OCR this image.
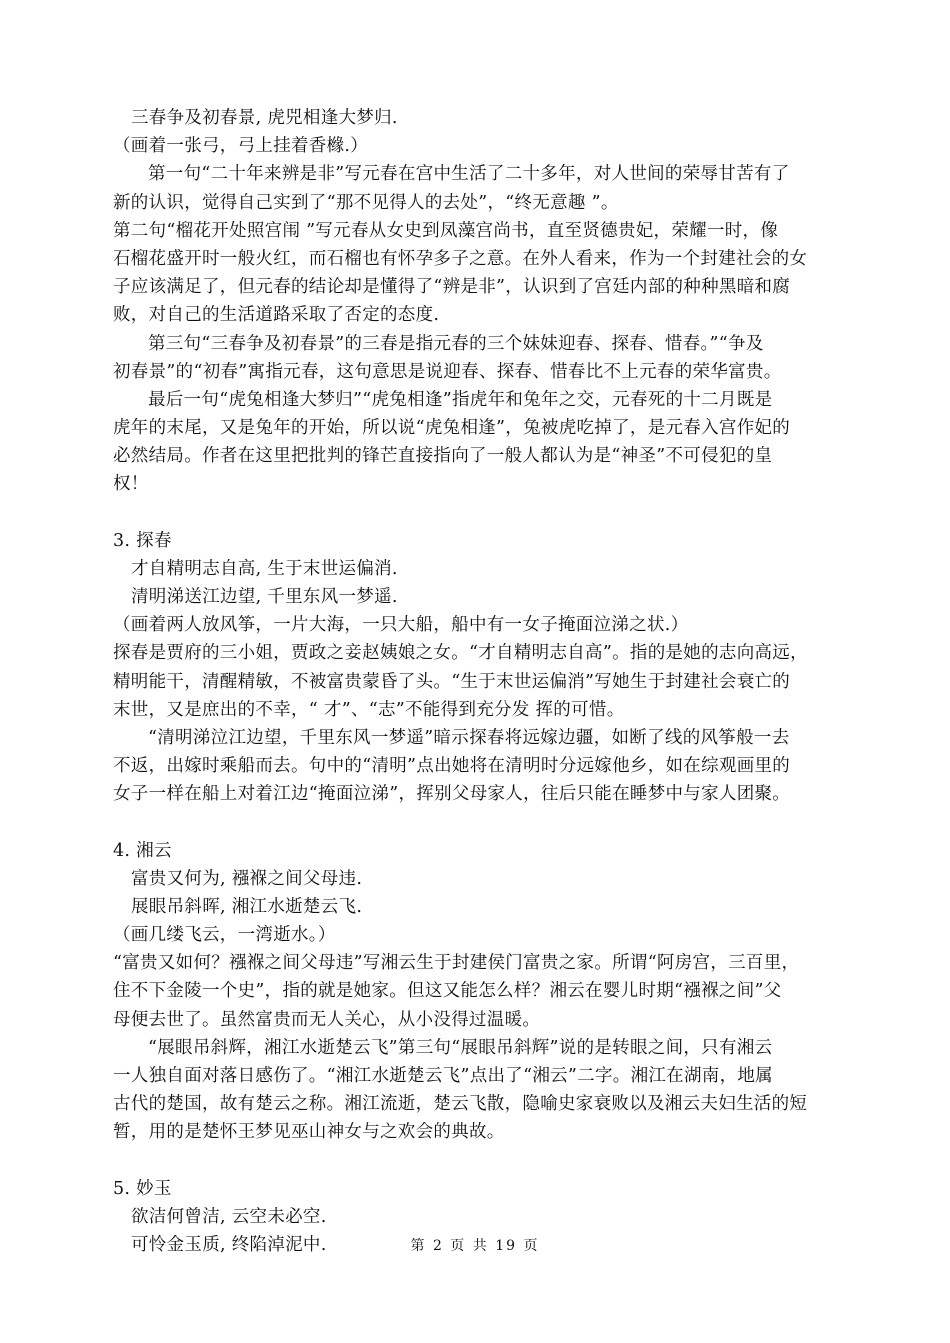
三春争及初春景, 虎兕相逢大梦归.
（画着一张弓，弓上挂着香橼.）
第一句“二十年来辨是非”写元春在宫中生活了二十多年，对人世间的荣辱甘苦有了
新的认识，觉得自己实到了“那不见得人的去处”，“终无意趣 ”。
第二句“榴花开处照宫闱 ”写元春从女史到凤藻宫尚书，直至贤德贵妃，荣耀一时，像
石榴花盛开时一般火红，而石榴也有怀孕多子之意。在外人看来，作为一个封建社会的女
子应该满足了，但元春的结论却是懂得了“辨是非”，认识到了宫廷内部的种种黑暗和腐
败，对自己的生活道路采取了否定的态度.
第三句“三春争及初春景”的三春是指元春的三个妹妹迎春、探春、惜春。”“争及
初春景”的“初春”寓指元春，这句意思是说迎春、探春、惜春比不上元春的荣华富贵。
最后一句“虎兔相逢大梦归”“虎兔相逢”指虎年和兔年之交，元春死的十二月既是
虎年的末尾，又是兔年的开始，所以说“虎兔相逢”，兔被虎吃掉了，是元春入宫作妃的
必然结局。作者在这里把批判的锋芒直接指向了一般人都认为是“神圣”不可侵犯的皇
权！
3. 探春
才自精明志自高, 生于末世运偏消.
清明涕送江边望, 千里东风一梦遥.
（画着两人放风筝，一片大海，一只大船，船中有一女子掩面泣涕之状.）
探春是贾府的三小姐，贾政之妾赵姨娘之女。“才自精明志自高”。指的是她的志向高远，
精明能干，清醒精敏，不被富贵蒙昏了头。“生于末世运偏消”写她生于封建社会衰亡的
末世，又是庶出的不幸，“ 才”、“志”不能得到充分发 挥的可惜。
“清明涕泣江边望，千里东风一梦遥”暗示探春将远嫁边疆，如断了线的风筝般一去
不返，出嫁时乘船而去。句中的“清明”点出她将在清明时分远嫁他乡，如在综观画里的
女子一样在船上对着江边“掩面泣涕”，挥别父母家人，往后只能在睡梦中与家人团聚。
4. 湘云
富贵又何为, 襁褓之间父母违.
展眼吊斜晖, 湘江水逝楚云飞.
（画几缕飞云，一湾逝水。）
“富贵又如何？襁褓之间父母违”写湘云生于封建侯门富贵之家。所谓“阿房宫，三百里，
住不下金陵一个史”，指的就是她家。但这又能怎么样？湘云在婴儿时期“襁褓之间”父
母便去世了。虽然富贵而无人关心，从小没得过温暖。
“展眼吊斜辉，湘江水逝楚云飞”第三句“展眼吊斜辉”说的是转眼之间，只有湘云
一人独自面对落日感伤了。“湘江水逝楚云飞”点出了“湘云”二字。湘江在湖南，地属
古代的楚国，故有楚云之称。湘江流逝，楚云飞散，隐喻史家衰败以及湘云夫妇生活的短
暂，用的是楚怀王梦见巫山神女与之欢会的典故。
5. 妙玉
欲洁何曾洁, 云空未必空.
可怜金玉质, 终陷淖泥中.	第 2 页 共 19 页
